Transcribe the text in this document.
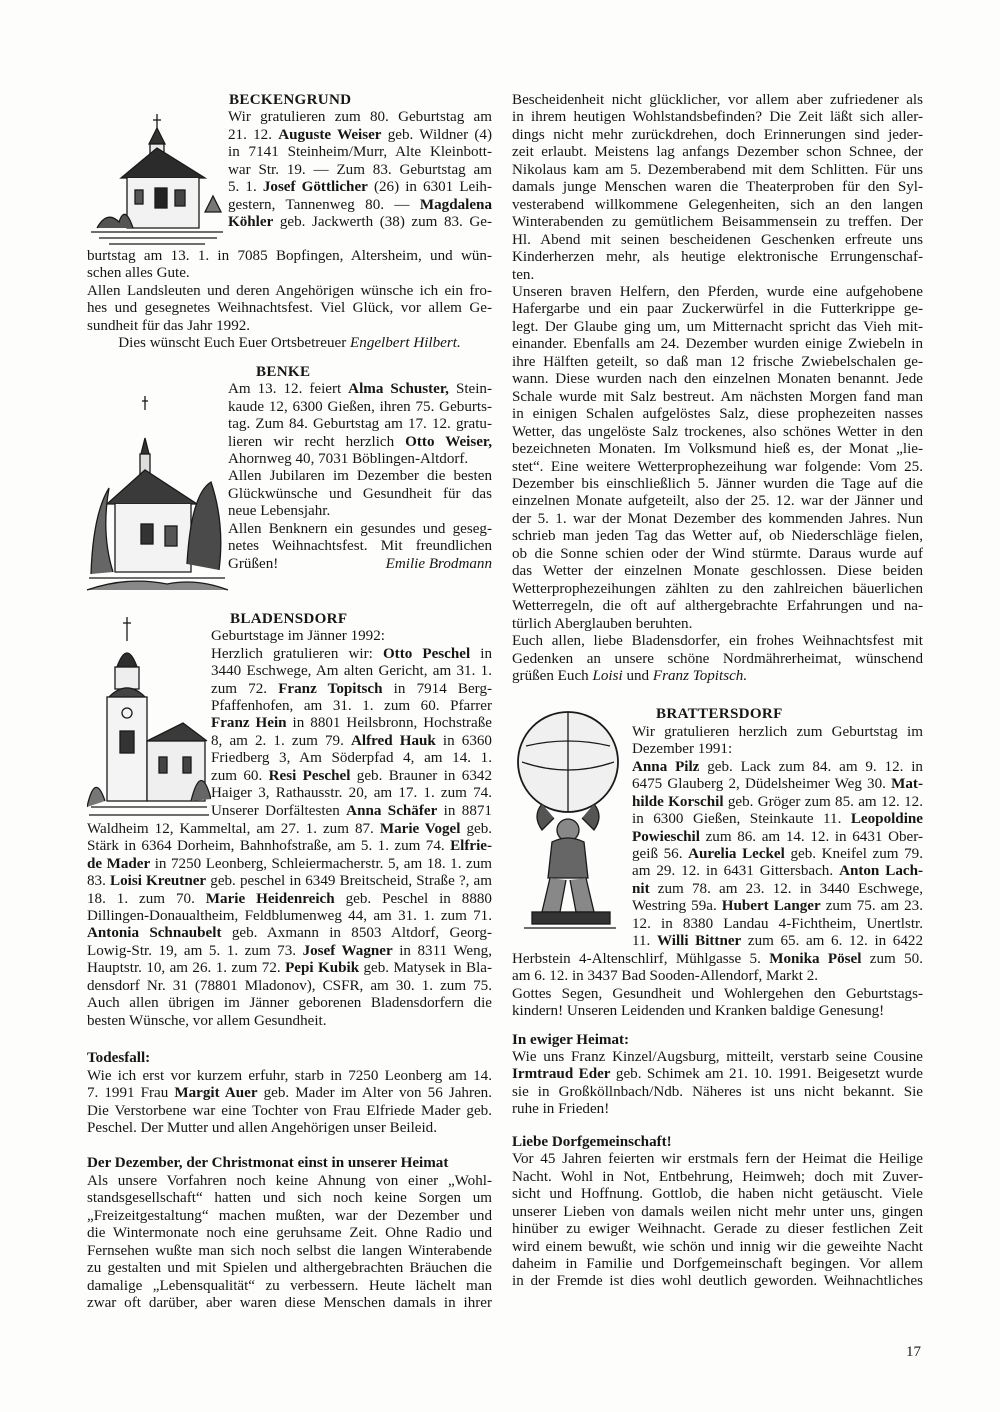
BECKENGRUND
Wir gratulieren zum 80. Geburtstag am
21. 12. Auguste Weiser geb. Wildner (4)
in 7141 Steinheim/Murr, Alte Kleinbott-
war Str. 19. — Zum 83. Geburtstag am
5. 1. Josef Göttlicher (26) in 6301 Leih-
gestern, Tannenweg 80. — Magdalena
Köhler geb. Jackwerth (38) zum 83. Ge-
burtstag am 13. 1. in 7085 Bopfingen, Altersheim, und wün-
schen alles Gute.
Allen Landsleuten und deren Angehörigen wünsche ich ein fro-
hes und gesegnetes Weihnachtsfest. Viel Glück, vor allem Ge-
sundheit für das Jahr 1992.
Dies wünscht Euch Euer Ortsbetreuer Engelbert Hilbert.
BENKE
Am 13. 12. feiert Alma Schuster, Stein-
kaude 12, 6300 Gießen, ihren 75. Geburts-
tag. Zum 84. Geburtstag am 17. 12. gratu-
lieren wir recht herzlich Otto Weiser,
Ahornweg 40, 7031 Böblingen-Altdorf.
Allen Jubilaren im Dezember die besten
Glückwünsche und Gesundheit für das
neue Lebensjahr.
Allen Benknern ein gesundes und geseg-
netes Weihnachtsfest. Mit freundlichen
Grüßen!	Emilie Brodmann
BLADENSDORF
Geburtstage im Jänner 1992:
Herzlich gratulieren wir: Otto Peschel in
3440 Eschwege, Am alten Gericht, am 31. 1.
zum 72. Franz Topitsch in 7914 Berg-
Pfaffenhofen, am 31. 1. zum 60. Pfarrer
Franz Hein in 8801 Heilsbronn, Hochstraße
8, am 2. 1. zum 79. Alfred Hauk in 6360
Friedberg 3, Am Söderpfad 4, am 14. 1.
zum 60. Resi Peschel geb. Brauner in 6342
Haiger 3, Rathausstr. 20, am 17. 1. zum 74.
Unserer Dorfältesten Anna Schäfer in 8871
Waldheim 12, Kammeltal, am 27. 1. zum 87. Marie Vogel geb.
Stärk in 6364 Dorheim, Bahnhofstraße, am 5. 1. zum 74. Elfrie-
de Mader in 7250 Leonberg, Schleiermacherstr. 5, am 18. 1. zum
83. Loisi Kreutner geb. peschel in 6349 Breitscheid, Straße ?, am
18. 1. zum 70. Marie Heidenreich geb. Peschel in 8880
Dillingen-Donaualtheim, Feldblumenweg 44, am 31. 1. zum 71.
Antonia Schnaubelt geb. Axmann in 8503 Altdorf, Georg-
Lowig-Str. 19, am 5. 1. zum 73. Josef Wagner in 8311 Weng,
Hauptstr. 10, am 26. 1. zum 72. Pepi Kubik geb. Matysek in Bla-
densdorf Nr. 31 (78801 Mladonov), CSFR, am 30. 1. zum 75.
Auch allen übrigen im Jänner geborenen Bladensdorfern die
besten Wünsche, vor allem Gesundheit.
Todesfall:
Wie ich erst vor kurzem erfuhr, starb in 7250 Leonberg am 14.
7. 1991 Frau Margit Auer geb. Mader im Alter von 56 Jahren.
Die Verstorbene war eine Tochter von Frau Elfriede Mader geb.
Peschel. Der Mutter und allen Angehörigen unser Beileid.
Der Dezember, der Christmonat einst in unserer Heimat
Als unsere Vorfahren noch keine Ahnung von einer „Wohl-
standsgesellschaft“ hatten und sich noch keine Sorgen um
„Freizeitgestaltung“ machen mußten, war der Dezember und
die Wintermonate noch eine geruhsame Zeit. Ohne Radio und
Fernsehen wußte man sich noch selbst die langen Winterabende
zu gestalten und mit Spielen und althergebrachten Bräuchen die
damalige „Lebensqualität“ zu verbessern. Heute lächelt man
zwar oft darüber, aber waren diese Menschen damals in ihrer
Bescheidenheit nicht glücklicher, vor allem aber zufriedener als
in ihrem heutigen Wohlstandsbefinden? Die Zeit läßt sich aller-
dings nicht mehr zurückdrehen, doch Erinnerungen sind jeder-
zeit erlaubt. Meistens lag anfangs Dezember schon Schnee, der
Nikolaus kam am 5. Dezemberabend mit dem Schlitten. Für uns
damals junge Menschen waren die Theaterproben für den Syl-
vesterabend willkommene Gelegenheiten, sich an den langen
Winterabenden zu gemütlichem Beisammensein zu treffen. Der
Hl. Abend mit seinen bescheidenen Geschenken erfreute uns
Kinderherzen mehr, als heutige elektronische Errungenschaf-
ten.
Unseren braven Helfern, den Pferden, wurde eine aufgehobene
Hafergarbe und ein paar Zuckerwürfel in die Futterkrippe ge-
legt. Der Glaube ging um, um Mitternacht spricht das Vieh mit-
einander. Ebenfalls am 24. Dezember wurden einige Zwiebeln in
ihre Hälften geteilt, so daß man 12 frische Zwiebelschalen ge-
wann. Diese wurden nach den einzelnen Monaten benannt. Jede
Schale wurde mit Salz bestreut. Am nächsten Morgen fand man
in einigen Schalen aufgelöstes Salz, diese prophezeiten nasses
Wetter, das ungelöste Salz trockenes, also schönes Wetter in den
bezeichneten Monaten. Im Volksmund hieß es, der Monat „lie-
stet“. Eine weitere Wetterprophezeihung war folgende: Vom 25.
Dezember bis einschließlich 5. Jänner wurden die Tage auf die
einzelnen Monate aufgeteilt, also der 25. 12. war der Jänner und
der 5. 1. war der Monat Dezember des kommenden Jahres. Nun
schrieb man jeden Tag das Wetter auf, ob Niederschläge fielen,
ob die Sonne schien oder der Wind stürmte. Daraus wurde auf
das Wetter der einzelnen Monate geschlossen. Diese beiden
Wetterprophezeihungen zählten zu den zahlreichen bäuerlichen
Wetterregeln, die oft auf althergebrachte Erfahrungen und na-
türlich Aberglauben beruhten.
Euch allen, liebe Bladensdorfer, ein frohes Weihnachtsfest mit
Gedenken an unsere schöne Nordmährerheimat, wünschend
grüßen Euch Loisi und Franz Topitsch.
BRATTERSDORF
Wir gratulieren herzlich zum Geburtstag im
Dezember 1991:
Anna Pilz geb. Lack zum 84. am 9. 12. in
6475 Glauberg 2, Düdelsheimer Weg 30. Mat-
hilde Korschil geb. Gröger zum 85. am 12. 12.
in 6300 Gießen, Steinkaute 11. Leopoldine
Powieschil zum 86. am 14. 12. in 6431 Ober-
geiß 56. Aurelia Leckel geb. Kneifel zum 79.
am 29. 12. in 6431 Gittersbach. Anton Lach-
nit zum 78. am 23. 12. in 3440 Eschwege,
Westring 59a. Hubert Langer zum 75. am 23.
12. in 8380 Landau 4-Fichtheim, Unertlstr.
11. Willi Bittner zum 65. am 6. 12. in 6422
Herbstein 4-Altenschlirf, Mühlgasse 5. Monika Pösel zum 50.
am 6. 12. in 3437 Bad Sooden-Allendorf, Markt 2.
Gottes Segen, Gesundheit und Wohlergehen den Geburtstags-
kindern! Unseren Leidenden und Kranken baldige Genesung!
In ewiger Heimat:
Wie uns Franz Kinzel/Augsburg, mitteilt, verstarb seine Cousine
Irmtraud Eder geb. Schimek am 21. 10. 1991. Beigesetzt wurde
sie in Großköllnbach/Ndb. Näheres ist uns nicht bekannt. Sie
ruhe in Frieden!
Liebe Dorfgemeinschaft!
Vor 45 Jahren feierten wir erstmals fern der Heimat die Heilige
Nacht. Wohl in Not, Entbehrung, Heimweh; doch mit Zuver-
sicht und Hoffnung. Gottlob, die haben nicht getäuscht. Viele
unserer Lieben von damals weilen nicht mehr unter uns, gingen
hinüber zu ewiger Weihnacht. Gerade zu dieser festlichen Zeit
wird einem bewußt, wie schön und innig wir die geweihte Nacht
daheim in Familie und Dorfgemeinschaft begingen. Vor allem
in der Fremde ist dies wohl deutlich geworden. Weihnachtliches
17
